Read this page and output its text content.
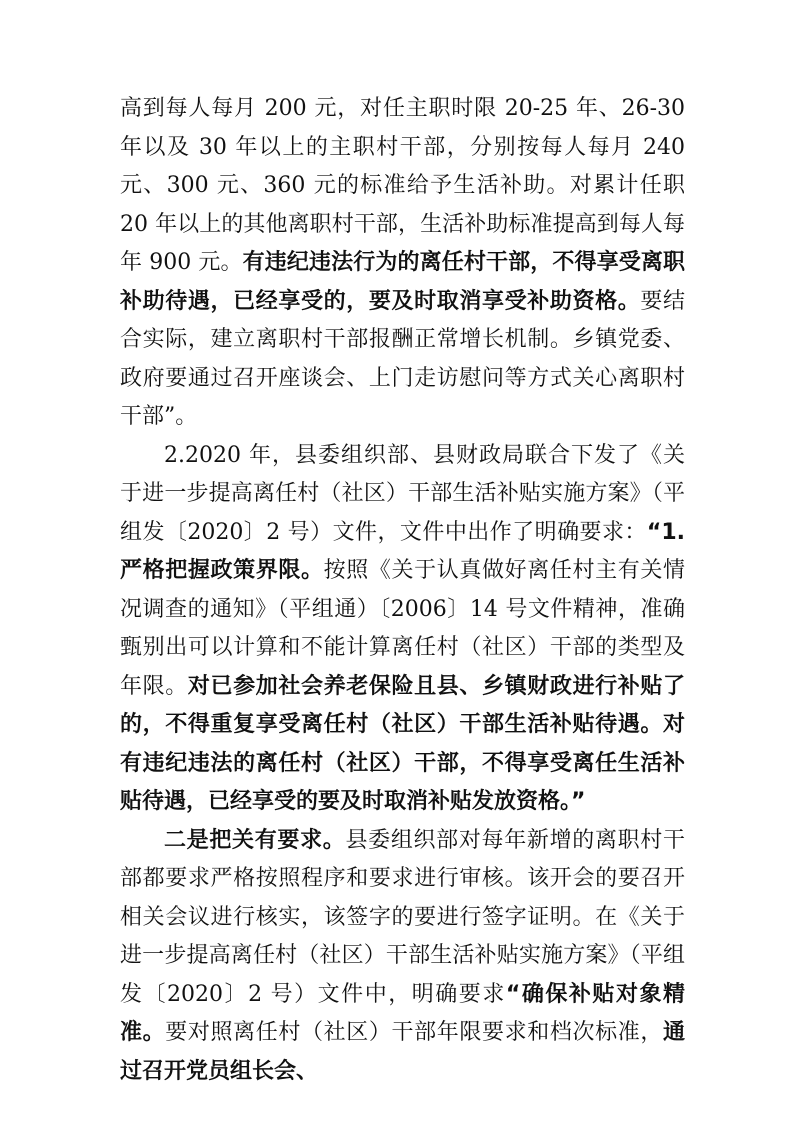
高到每人每月 200 元，对任主职时限 20-25 年、26-30 年以及 30 年以上的主职村干部，分别按每人每月 240 元、300 元、360 元的标准给予生活补助。对累计任职 20 年以上的其他离职村干部，生活补助标准提高到每人每年 900 元。有违纪违法行为的离任村干部，不得享受离职补助待遇，已经享受的，要及时取消享受补助资格。要结合实际，建立离职村干部报酬正常增长机制。乡镇党委、政府要通过召开座谈会、上门走访慰问等方式关心离职村干部”。

2.2020 年，县委组织部、县财政局联合下发了《关于进一步提高离任村（社区）干部生活补贴实施方案》（平组发〔2020〕2 号）文件，文件中出作了明确要求：“1.严格把握政策界限。按照《关于认真做好离任村主有关情况调查的通知》（平组通）〔2006〕14 号文件精神，准确甄别出可以计算和不能计算离任村（社区）干部的类型及年限。对已参加社会养老保险且县、乡镇财政进行补贴了的，不得重复享受离任村（社区）干部生活补贴待遇。对有违纪违法的离任村（社区）干部，不得享受离任生活补贴待遇，已经享受的要及时取消补贴发放资格。”

二是把关有要求。县委组织部对每年新增的离职村干部都要求严格按照程序和要求进行审核。该开会的要召开相关会议进行核实，该签字的要进行签字证明。在《关于进一步提高离任村（社区）干部生活补贴实施方案》（平组发〔2020〕2 号）文件中，明确要求“确保补贴对象精准。要对照离任村（社区）干部年限要求和档次标准，通过召开党员组长会、
